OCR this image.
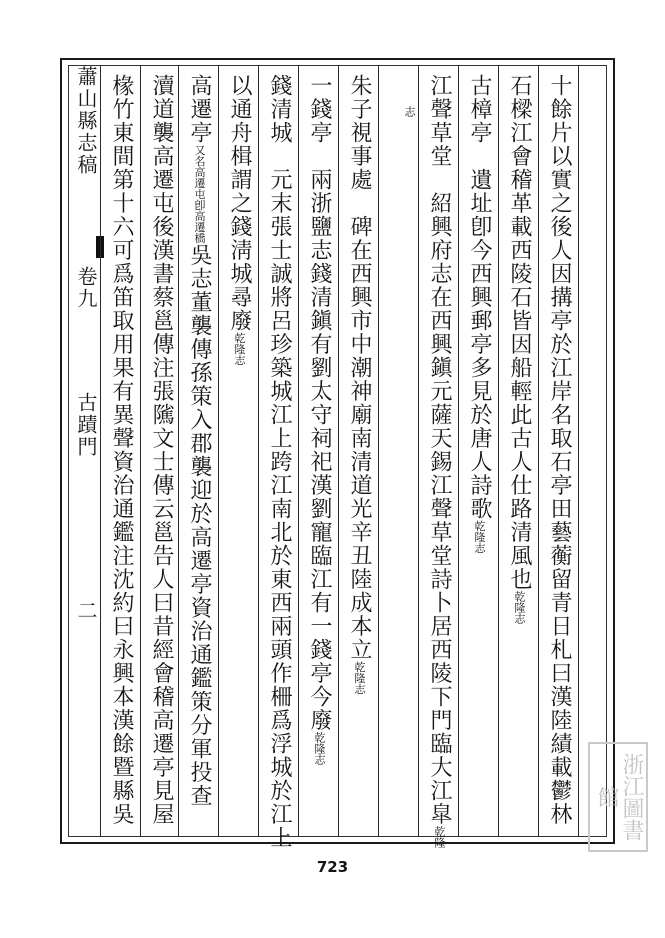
蕭山縣志稿
卷九
古蹟門
二	十餘片以實之後人因搆亭於江岸名取石亭田藝蘅留青日札曰漢陸績載鬱林
石樑江會稽革載西陵石皆因船輕此古人仕路清風也乾隆志
古樟亭　遺址卽今西興郵亭多見於唐人詩歌乾隆志
江聲草堂　紹興府志在西興鎭元薩天錫江聲草堂詩卜居西陵下門臨大江皐乾隆
志
朱子視事處　碑在西興市中潮神廟南清道光辛丑陸成本立乾隆志
一錢亭　兩浙鹽志錢清鎭有劉太守祠祀漢劉寵臨江有一錢亭今廢乾隆志
錢清城　元末張士誠將呂珍築城江上跨江南北於東西兩頭作柵爲浮城於江上
以通舟楫謂之錢淸城尋廢乾隆志
高遷亭又名高遷屯卽高遷橋吳志董襲傳孫策入郡襲迎於高遷亭資治通鑑策分軍投查
瀆道襲高遷屯後漢書蔡邕傳注張隲文士傳云邕告人曰昔經會稽高遷亭見屋
椽竹東間第十六可爲笛取用果有異聲資治通鑑注沈約曰永興本漢餘暨縣吳
723
浙江圖書館
